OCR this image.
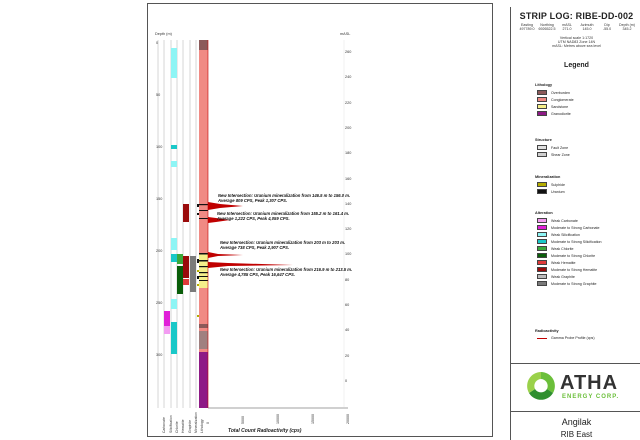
Depth (m)	mASL
0
50
100
150
200
250
300
260
240
220
200
180
160
140
120
100
80
60
40
20
0
Carbonate Silicification Chlorite Hematite Graphite Mineralization Lithology 0	5000	10000	15000	20000
Total Count Radioactivity (cps)
New Intersection: Uranium mineralization from 146.5 m to 156.0 m. Average 809 CPS, Peak 1,307 CPS.
New Intersection: Uranium mineralization from 155.2 m to 161.4 m. Average 1,222 CPS, Peak 4,059 CPS.
New Intersection: Uranium mineralization from 203 m to 203 m. Average 738 CPS, Peak 2,907 CPS.
New Intersection: Uranium mineralization from 216.9 m to 213.5 m. Average 4,785 CPS, Peak 16,647 CPS.
STRIP LOG: RIBE-DD-002
Easting
497789.0
Northing
6926522.5
mASL
271.0
Azimuth
145.0
Dip
-55.0
Depth (m)
345.2
Vertical scale 1:1720
UTM NAD83 Zone 14N
mASL: Metres above sea level
Legend
Lithology
Overburden
Conglomerate
Sandstone
Granodiorite
Structure
Fault Zone
Shear Zone
Mineralization
Sulphide
Uranium
Alteration
Weak Carbonate
Moderate to Strong Carbonate
Weak Silicification
Moderate to Strong Silicification
Weak Chlorite
Moderate to Strong Chlorite
Weak Hematite
Moderate to Strong Hematite
Weak Graphite
Moderate to Strong Graphite
Radioactivity
Gamma Probe Profile (cps)
ATHA
ENERGY CORP.
Angilak
RIB East
